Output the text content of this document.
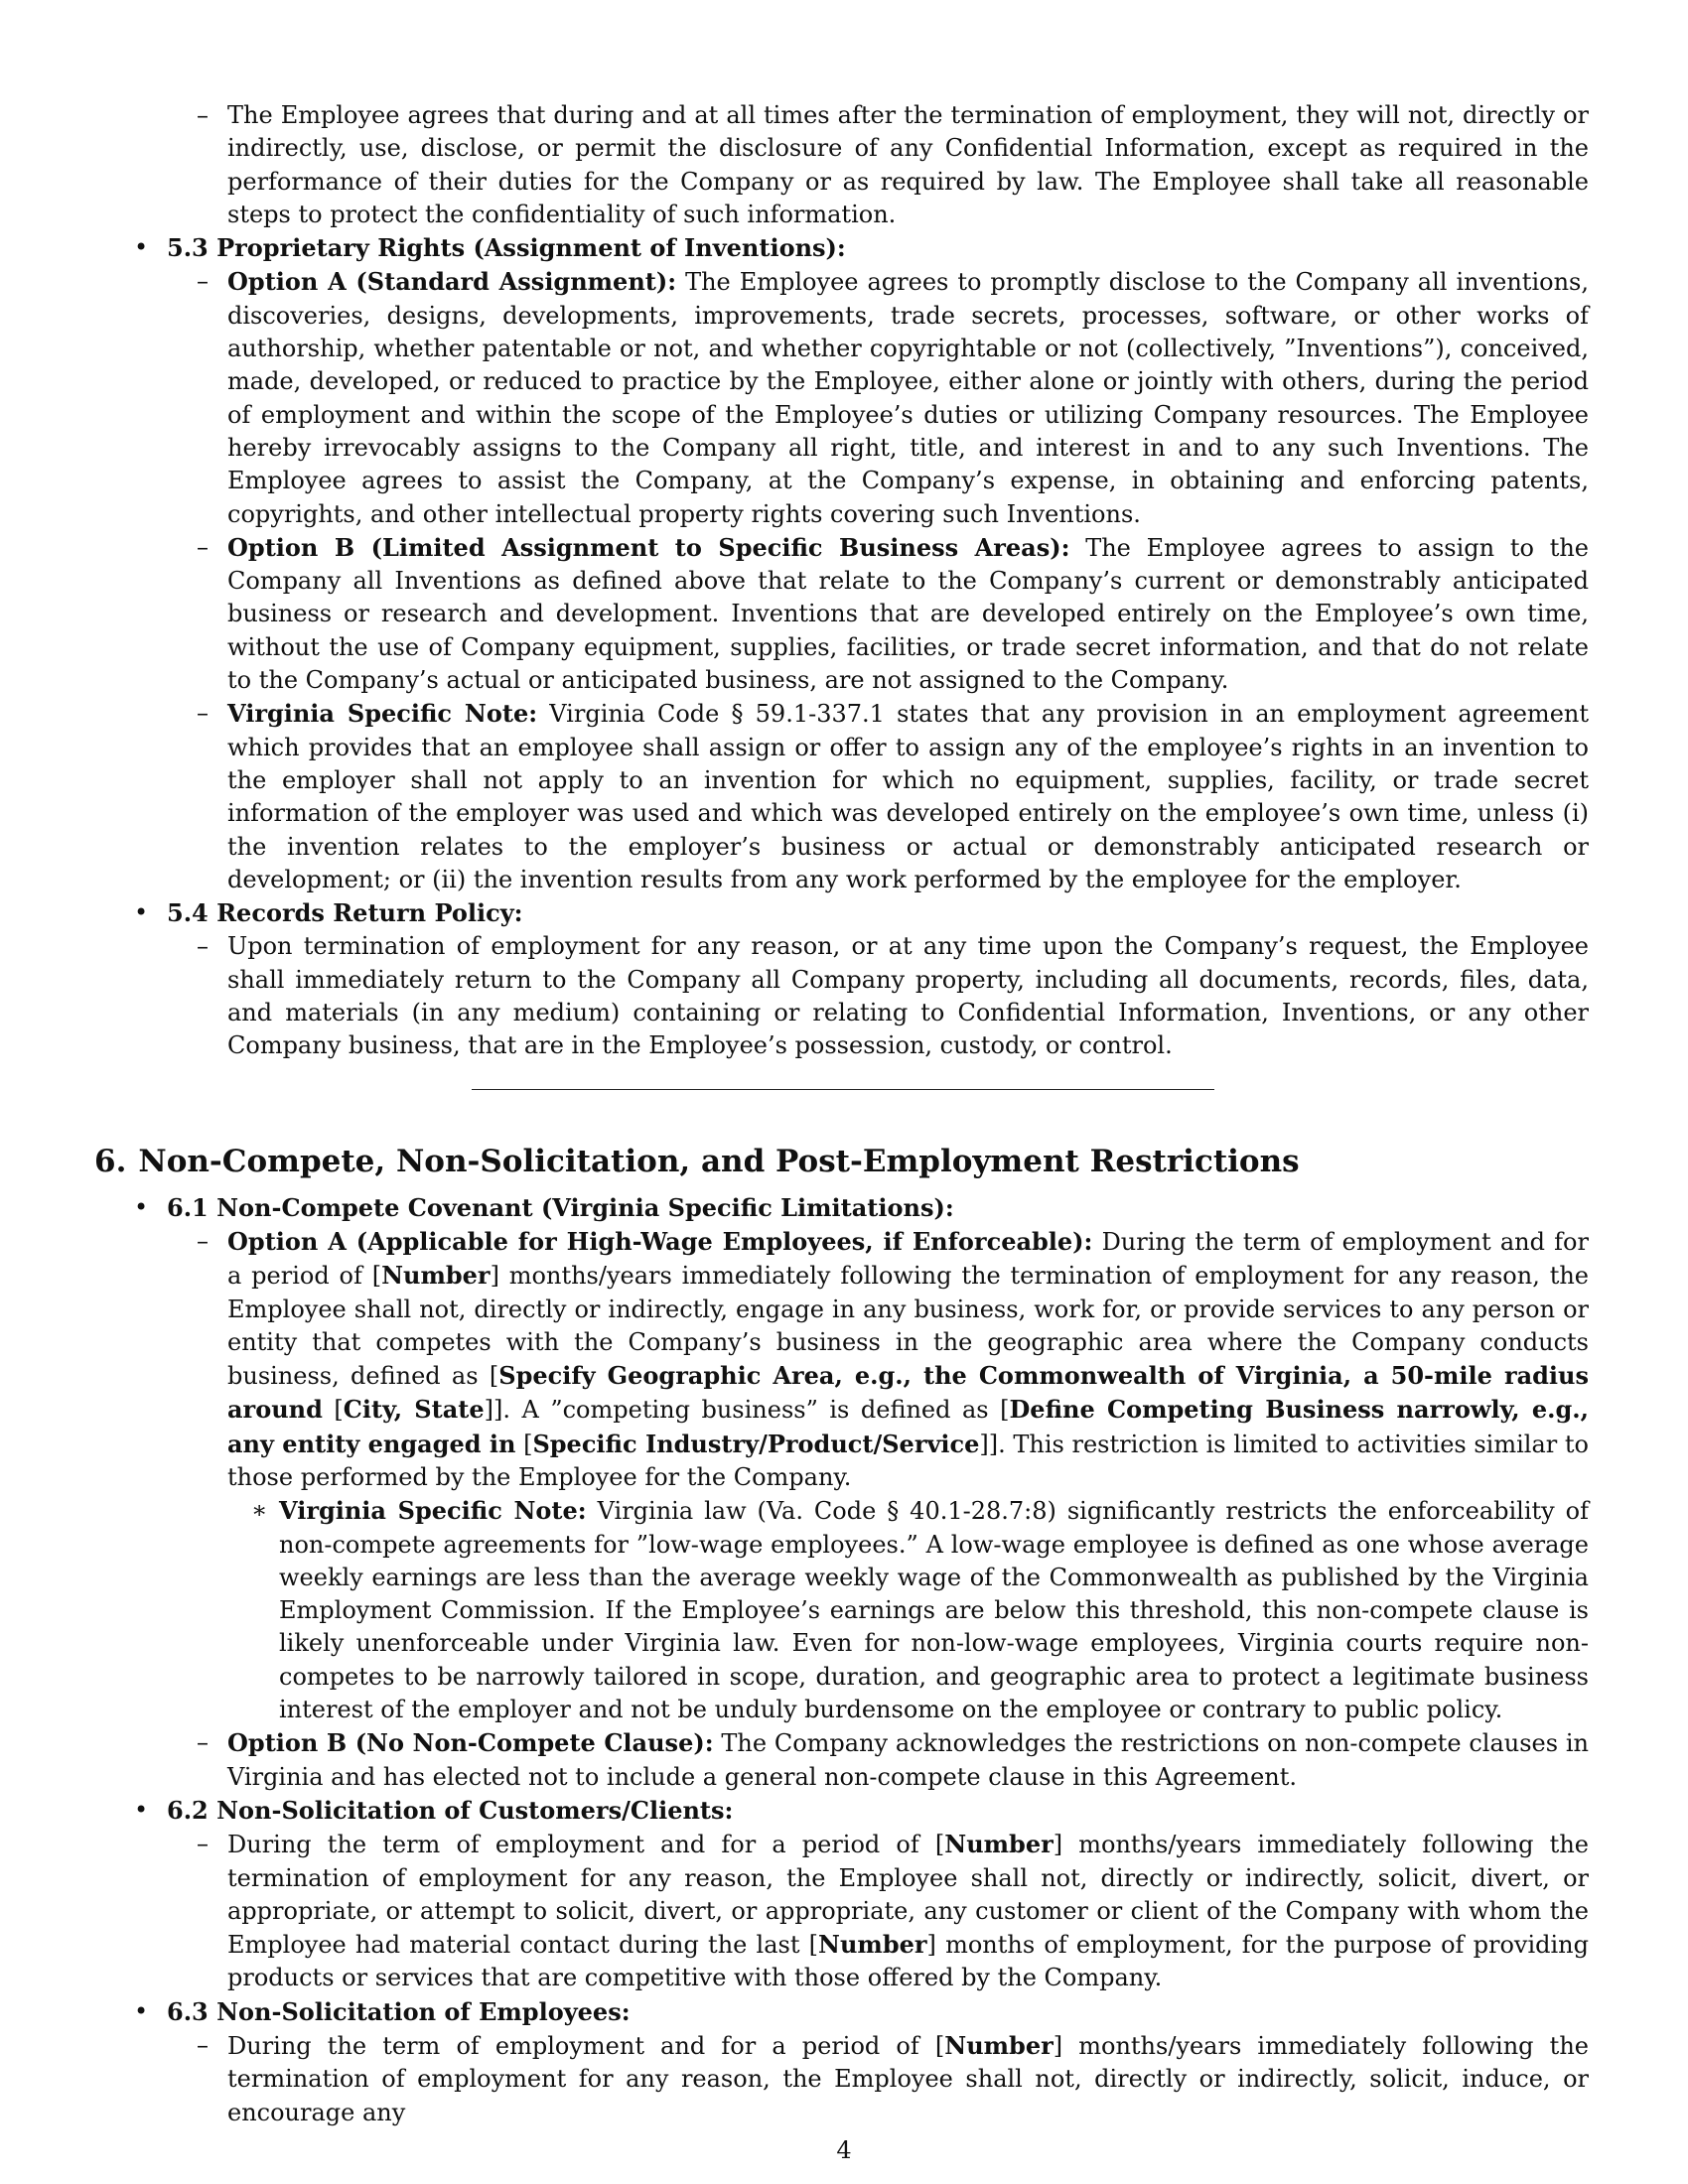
– The Employee agrees that during and at all times after the termination of employment, they will not, directly or indirectly, use, disclose, or permit the disclosure of any Confidential Information, except as required in the performance of their duties for the Company or as required by law. The Employee shall take all reasonable steps to protect the confidentiality of such information.
• 5.3 Proprietary Rights (Assignment of Inventions):
– Option A (Standard Assignment): The Employee agrees to promptly disclose to the Company all inventions, discoveries, designs, developments, improvements, trade secrets, processes, software, or other works of authorship, whether patentable or not, and whether copyrightable or not (collectively, ”Inventions”), conceived, made, developed, or reduced to practice by the Employee, either alone or jointly with others, during the period of employment and within the scope of the Employee’s duties or utilizing Company resources. The Employee hereby irrevocably assigns to the Company all right, title, and interest in and to any such Inventions. The Employee agrees to assist the Company, at the Company’s expense, in obtaining and enforcing patents, copyrights, and other intellectual property rights covering such Inventions.
– Option B (Limited Assignment to Specific Business Areas): The Employee agrees to assign to the Company all Inventions as defined above that relate to the Company’s current or demonstrably anticipated business or research and development. Inventions that are developed entirely on the Employee’s own time, without the use of Company equipment, supplies, facilities, or trade secret information, and that do not relate to the Company’s actual or anticipated business, are not assigned to the Company.
– Virginia Specific Note: Virginia Code § 59.1-337.1 states that any provision in an employment agreement which provides that an employee shall assign or offer to assign any of the employee’s rights in an invention to the employer shall not apply to an invention for which no equipment, supplies, facility, or trade secret information of the employer was used and which was developed entirely on the employee’s own time, unless (i) the invention relates to the employer’s business or actual or demonstrably anticipated research or development; or (ii) the invention results from any work performed by the employee for the employer.
• 5.4 Records Return Policy:
– Upon termination of employment for any reason, or at any time upon the Company’s request, the Employee shall immediately return to the Company all Company property, including all documents, records, files, data, and materials (in any medium) containing or relating to Confidential Information, Inventions, or any other Company business, that are in the Employee’s possession, custody, or control.
6. Non-Compete, Non-Solicitation, and Post-Employment Restrictions
• 6.1 Non-Compete Covenant (Virginia Specific Limitations):
– Option A (Applicable for High-Wage Employees, if Enforceable): During the term of employment and for a period of [Number] months/years immediately following the termination of employment for any reason, the Employee shall not, directly or indirectly, engage in any business, work for, or provide services to any person or entity that competes with the Company’s business in the geographic area where the Company conducts business, defined as [Specify Geographic Area, e.g., the Commonwealth of Virginia, a 50-mile radius around [City, State]]. A ”competing business” is defined as [Define Competing Business narrowly, e.g., any entity engaged in [Specific Industry/Product/Service]]. This restriction is limited to activities similar to those performed by the Employee for the Company.
∗ Virginia Specific Note: Virginia law (Va. Code § 40.1-28.7:8) significantly restricts the enforceability of non-compete agreements for ”low-wage employees.” A low-wage employee is defined as one whose average weekly earnings are less than the average weekly wage of the Commonwealth as published by the Virginia Employment Commission. If the Employee’s earnings are below this threshold, this non-compete clause is likely unenforceable under Virginia law. Even for non-low-wage employees, Virginia courts require non-competes to be narrowly tailored in scope, duration, and geographic area to protect a legitimate business interest of the employer and not be unduly burdensome on the employee or contrary to public policy.
– Option B (No Non-Compete Clause): The Company acknowledges the restrictions on non-compete clauses in Virginia and has elected not to include a general non-compete clause in this Agreement.
• 6.2 Non-Solicitation of Customers/Clients:
– During the term of employment and for a period of [Number] months/years immediately following the termination of employment for any reason, the Employee shall not, directly or indirectly, solicit, divert, or appropriate, or attempt to solicit, divert, or appropriate, any customer or client of the Company with whom the Employee had material contact during the last [Number] months of employment, for the purpose of providing products or services that are competitive with those offered by the Company.
• 6.3 Non-Solicitation of Employees:
– During the term of employment and for a period of [Number] months/years immediately following the termination of employment for any reason, the Employee shall not, directly or indirectly, solicit, induce, or encourage any
4
